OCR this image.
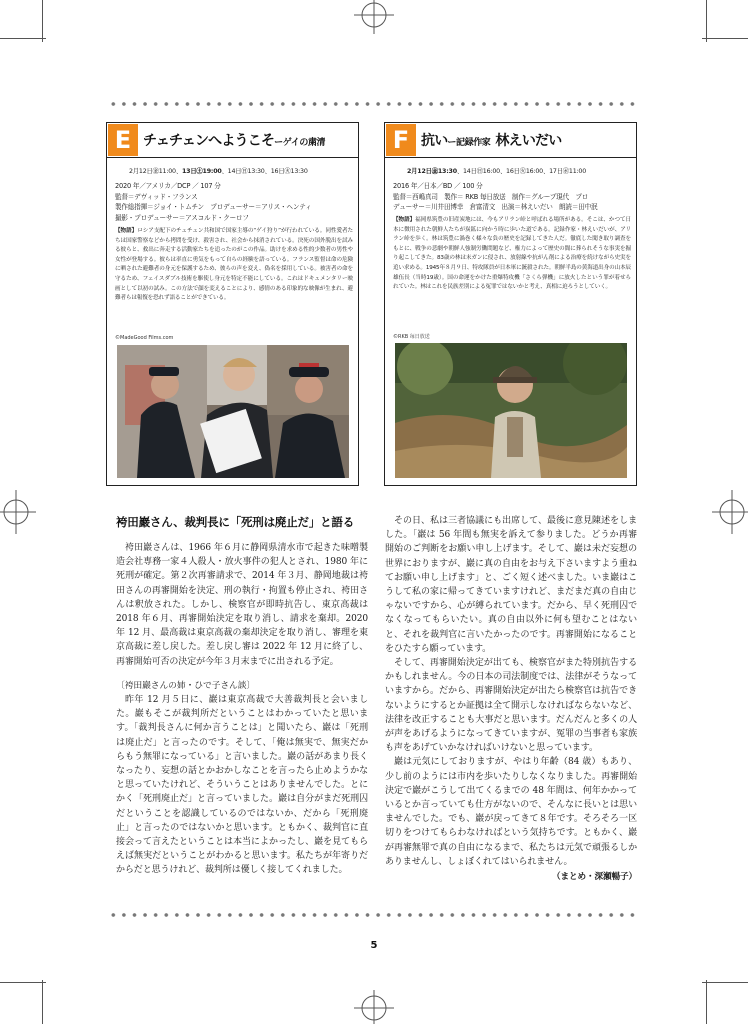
E チェチェンへようこそーゲイの粛清
2月12日㊎11:00、13日㊏19:00、14日㊐13:30、16日㊋13:30
2020 年／アメリカ／DCP ／ 107 分
監督＝デヴィッド・フランス
製作総指揮＝ジョイ・トムチン　プロデューサー＝アリス・ヘンティ
撮影・プロデューサー＝アスコルド・クーロフ
【物語】ロシア支配下のチェチェン共和国で国家主導の“ゲイ狩り”が行われている。同性愛者たちは国家警察などから拷問を受け、殺害され、社会から抹消されている。決死の国外脱出を試みる彼らと、救出に奔走する活動家たちを追ったのがこの作品。助けを求める性的少数者の男性や女性が登場する。彼らは率直に勇気をもって自らの経験を語っている。フランス監督は命の危険に晒された避難者の身元を保護するため、彼らの声を変え、偽名を採用している。被害者の命を守るため、フェイスダブル技術を駆使し身元を特定不能にしている。これはドキュメンタリー映画として以初の試み。この方法で顔を変えることにより、感情のある印象的な映像が生まれ、避難者らは報復を恐れず語ることができている。
©MadeGood Films.com
F 抗いー記録作家 林えいだい
2月12日㊎13:30、14日㊐16:00、16日㊋16:00、17日㊌11:00
2016 年／日本／BD ／ 100 分
監督＝西嶋真司　製作＝ RKB 毎日放送　制作＝グループ現代　プロ
デューサー＝川井田博幸　倉富清文　出演＝林えいだい　朗読＝田中泯
【物語】福岡県筑豊の旧産炭地には、今もアリラン峠と呼ばれる場所がある。そこは、かつて日本に徴用された朝鮮人たちが炭鉱に向かう時に歩いた道である。記録作家・林えいだいが、アリラン峠を歩く。林は筑豊に渦巻く様々な負の歴史を記録してきた人だ。徹底した聞き取り調査をもとに、戦争の悲劇や朝鮮人強制労働問題など、権力によって歴史の闇に葬られそうな事実を掘り起こしてきた。83歳の林は末ガンに侵され、放射線や抗がん剤による治療を続けながら史実を追い求める。1945年８月９日、特攻隊員が日本軍に銃殺された。朝鮮半島の黄海道出身の山本辰雄伍長（当時19歳）。国の命運をかけた重爆特攻機「さくら弾機」に放火したという罪が着せられていた。林はこれを民族差別による冤罪ではないかと考え、真相に迫ろうとしていく。
©RKB 毎日放送
袴田巖さん、裁判長に「死刑は廃止だ」と語る

袴田巖さんは、1966 年６月に静岡県清水市で起きた味噌製造会社専務一家４人殺人・放火事件の犯人とされ、1980 年に死刑が確定。第２次再審請求で、2014 年３月、静岡地裁は袴田さんの再審開始を決定、刑の執行・拘置も停止され、袴田さんは釈放された。しかし、検察官が即時抗告し、東京高裁は 2018 年６月、再審開始決定を取り消し、請求を棄却。2020 年 12 月、最高裁は東京高裁の棄却決定を取り消し、審理を東京高裁に差し戻した。差し戻し審は 2022 年 12 月に終了し、再審開始可否の決定が今年３月末までに出される予定。

〔袴田巖さんの姉・ひで子さん談〕

昨年 12 月５日に、巖は東京高裁で大善裁判長と会いました。巖もそこが裁判所だということはわかっていたと思います。「裁判長さんに何か言うことは」と聞いたら、巖は「死刑は廃止だ」と言ったのです。そして、「俺は無実で、無実だからもう無罪になっている」と言いました。巖の話があまり長くなったり、妄想の話とかおかしなことを言ったら止めようかなと思っていたけれど、そういうことはありませんでした。とにかく「死刑廃止だ」と言っていました。巖は自分がまだ死刑囚だということを認識しているのではないか、だから「死刑廃止」と言ったのではないかと思います。ともかく、裁判官に直接会って言えたということは本当によかったし、巖を見てもらえば無実だということがわかると思います。私たちが年寄りだからだと思うけれど、裁判所は優しく接してくれました。

その日、私は三者協議にも出席して、最後に意見陳述をしました。「巖は 56 年間も無実を訴えて参りました。どうか再審開始のご判断をお願い申し上げます。そして、巖は未だ妄想の世界におりますが、巖に真の自由をお与え下さいますよう重ねてお願い申し上げます」と、ごく短く述べました。いま巖はこうして私の家に帰ってきていますけれど、まだまだ真の自由じゃないですから、心が縛られています。だから、早く死刑囚でなくなってもらいたい。真の自由以外に何も望むことはないと、それを裁判官に言いたかったのです。再審開始になることをひたすら願っています。

そして、再審開始決定が出ても、検察官がまた特別抗告するかもしれません。今の日本の司法制度では、法律がそうなっていますから。だから、再審開始決定が出たら検察官は抗告できないようにするとか証拠は全て開示しなければならないなど、法律を改正することも大事だと思います。だんだんと多くの人が声をあげるようになってきていますが、冤罪の当事者も家族も声をあげていかなければいけないと思っています。

巖は元気にしておりますが、やはり年齢（84 歳）もあり、少し前のようには市内を歩いたりしなくなりました。再審開始決定で巖がこうして出てくるまでの 48 年間は、何年かかっているとか言っていても仕方がないので、そんなに長いとは思いませんでした。でも、巖が戻ってきて８年です。そろそろ一区切りをつけてもらわなければという気持ちです。ともかく、巖が再審無罪で真の自由になるまで、私たちは元気で頑張るしかありませんし、しょぼくれてはいられません。

（まとめ・深瀬暢子）

5
